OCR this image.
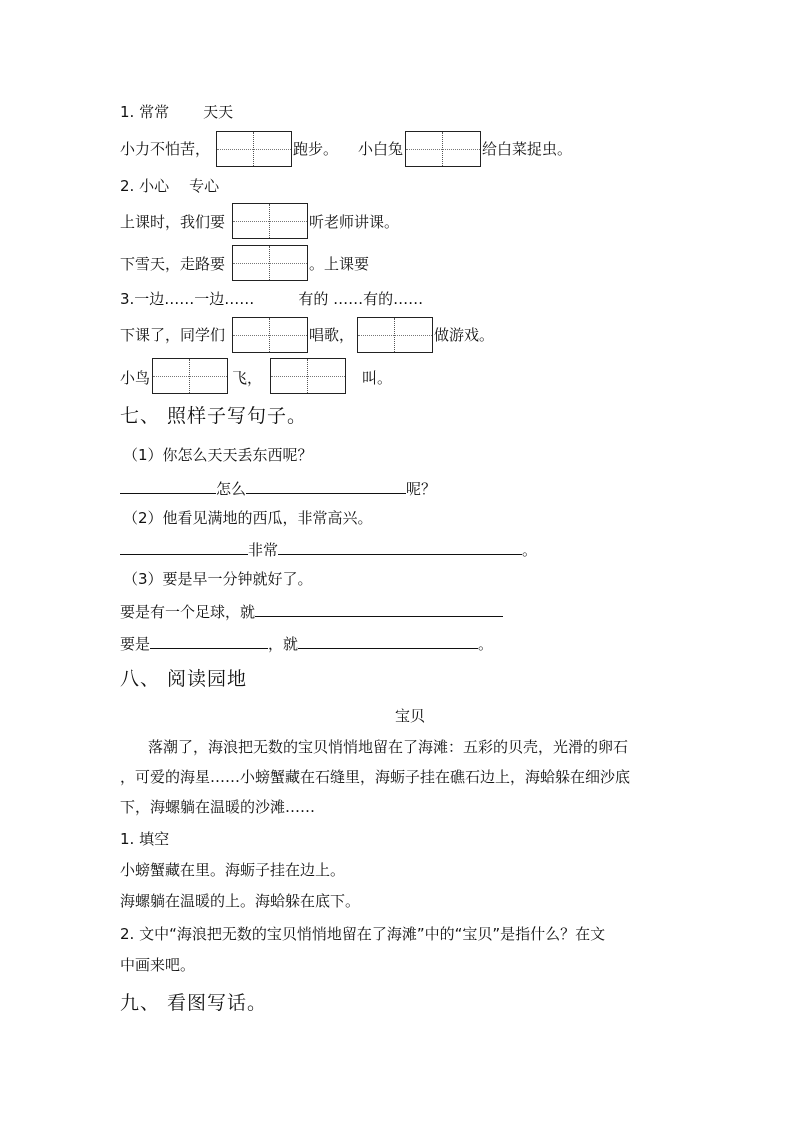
1. 常常 天天
小力不怕苦，	跑步。 小白兔	给白菜捉虫。
2. 小心 专心
上课时，我们要	听老师讲课。
下雪天，走路要	。上课要
3.一边……一边……	有的 ……有的……
下课了，同学们	唱歌，	做游戏。
小鸟	飞，	叫。
七、 照样子写句子。
（1）你怎么天天丢东西呢？
怎么	呢？
（2）他看见满地的西瓜，非常高兴。
非常	。
（3）要是早一分钟就好了。
要是有一个足球，就
要是	，就	。
八、 阅读园地
宝贝
落潮了，海浪把无数的宝贝悄悄地留在了海滩：五彩的贝壳，光滑的卵石
，可爱的海星……小螃蟹藏在石缝里，海蛎子挂在礁石边上，海蛤躲在细沙底
下，海螺躺在温暖的沙滩……
1. 填空
小螃蟹藏在里。海蛎子挂在边上。
海螺躺在温暖的上。海蛤躲在底下。
2. 文中“海浪把无数的宝贝悄悄地留在了海滩”中的“宝贝”是指什么？在文
中画来吧。
九、 看图写话。
